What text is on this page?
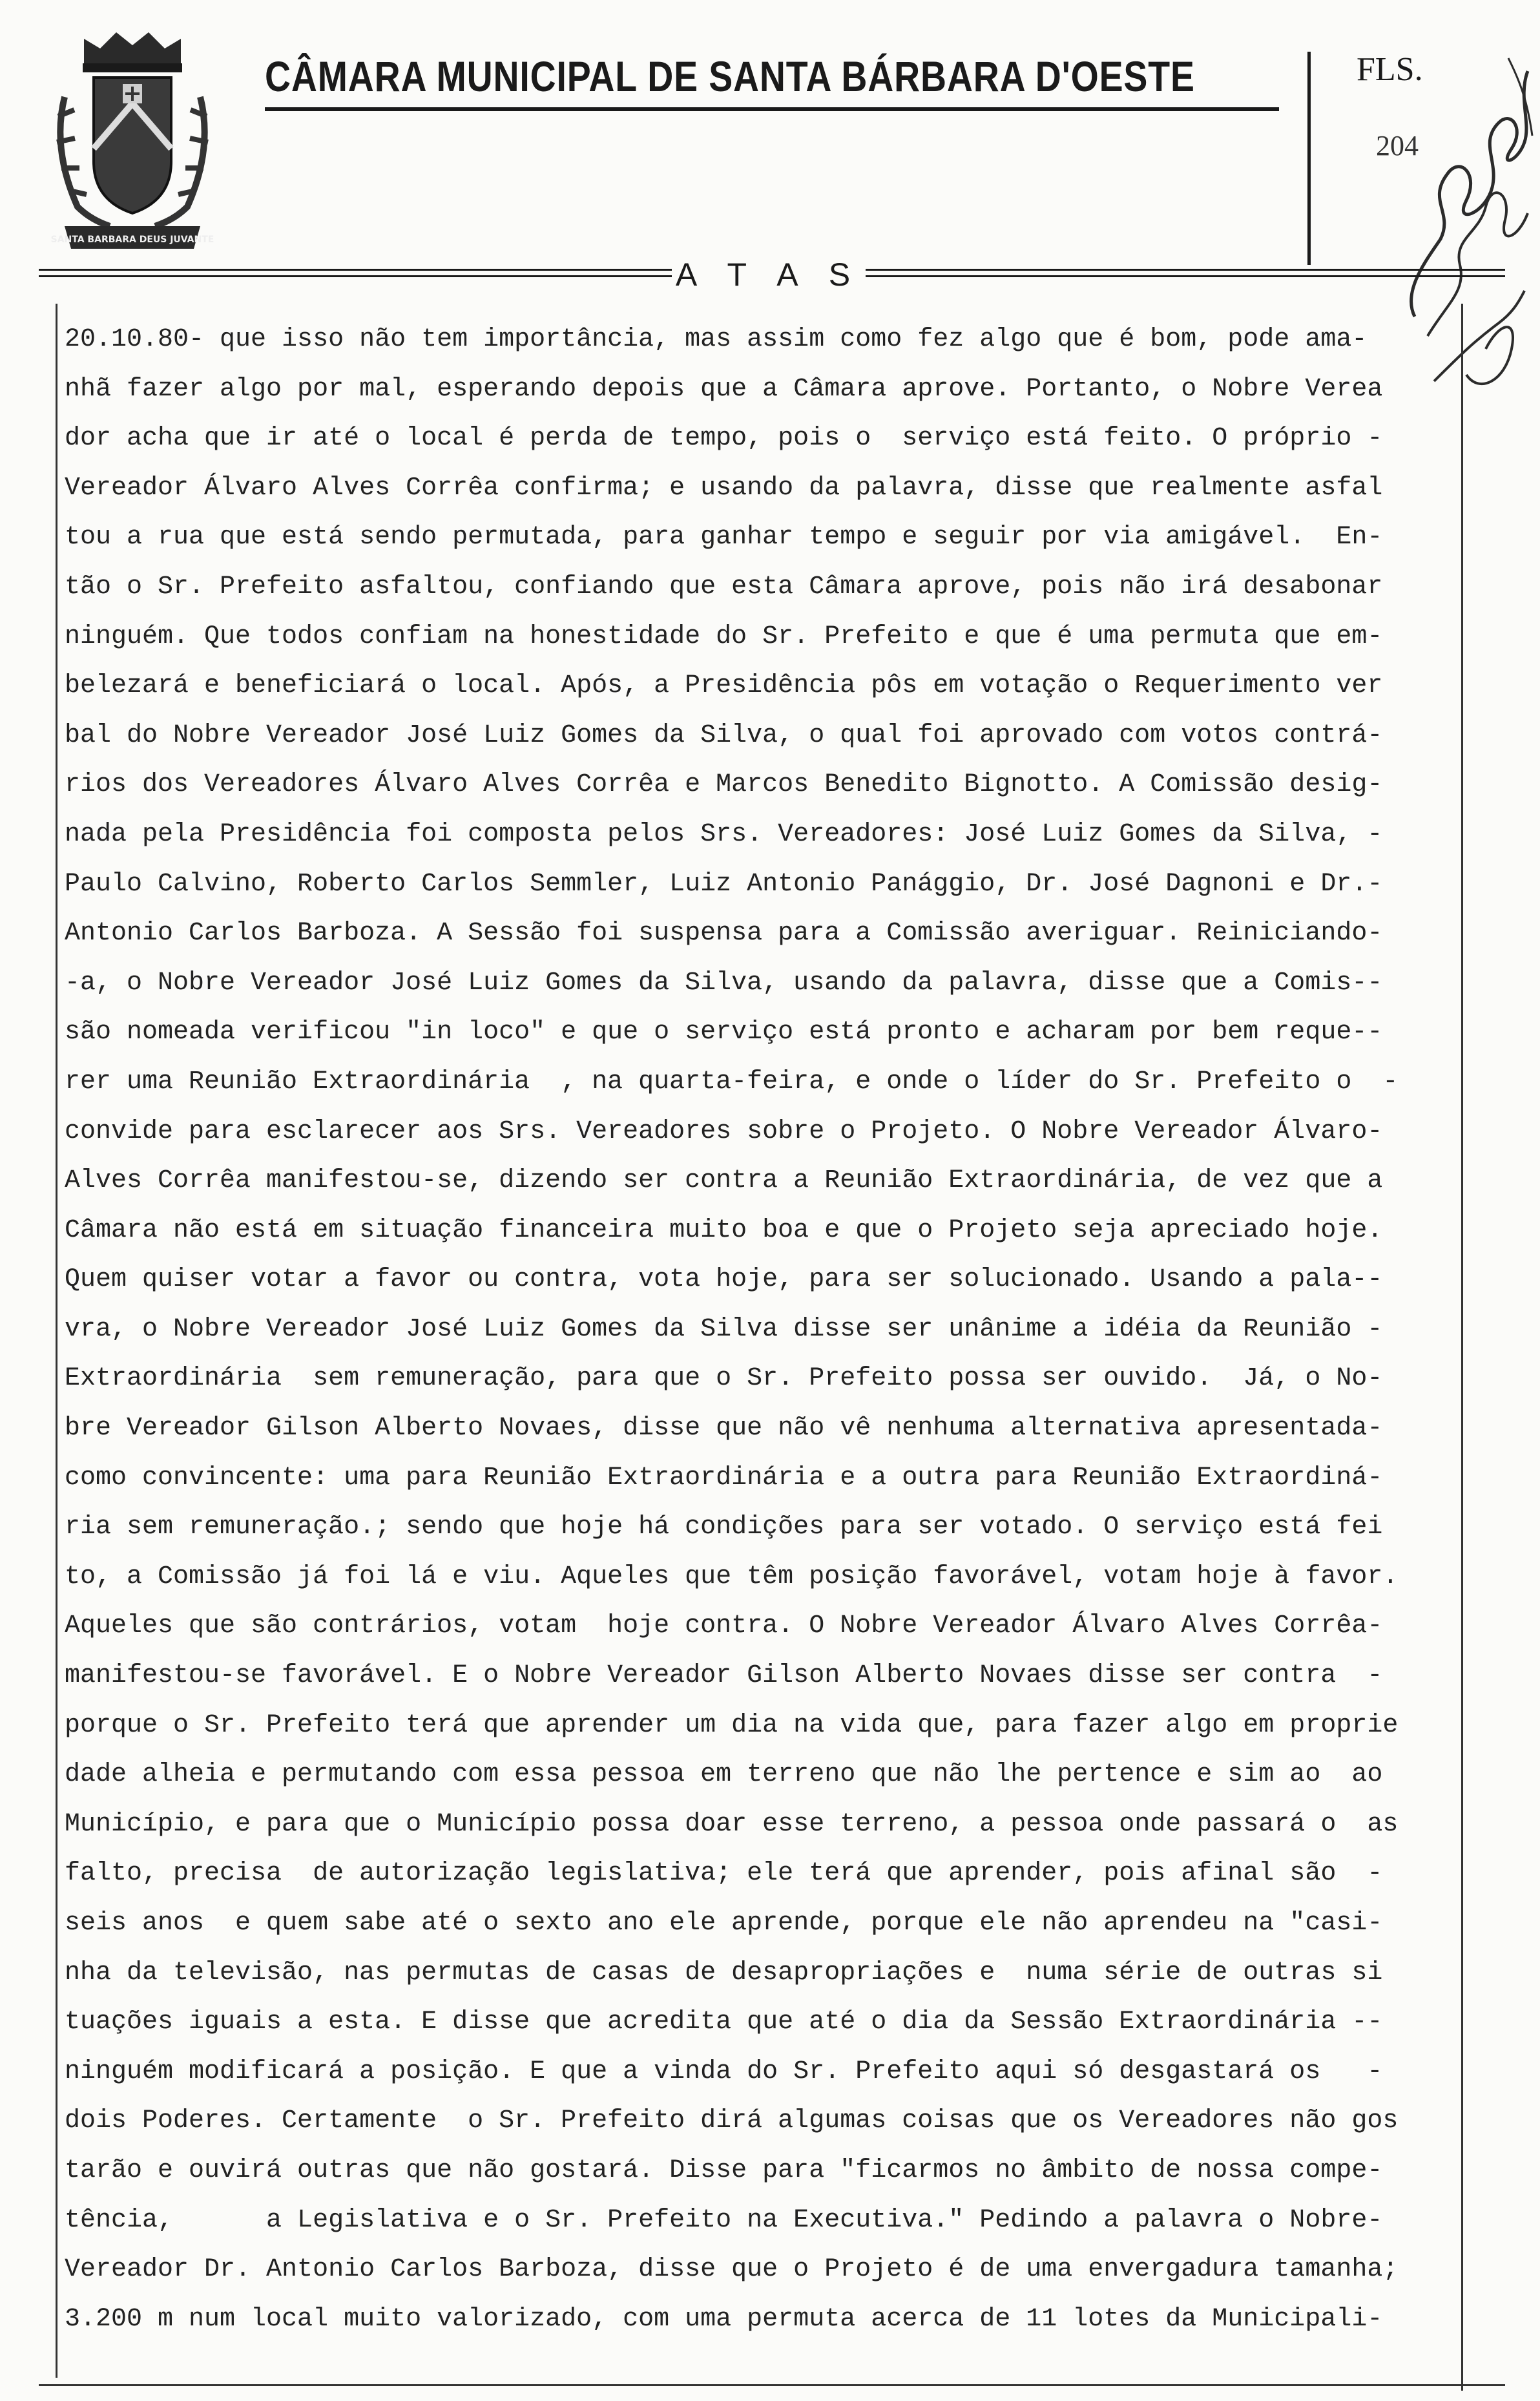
SANTA BARBARA DEUS JUVANTE
CÂMARA MUNICIPAL DE SANTA BÁRBARA D'OESTE	FLS.
204
A T A S
20.10.80- que isso não tem importância, mas assim como fez algo que é bom, pode ama-
nhã fazer algo por mal, esperando depois que a Câmara aprove. Portanto, o Nobre Verea
dor acha que ir até o local é perda de tempo, pois o  serviço está feito. O próprio -
Vereador Álvaro Alves Corrêa confirma; e usando da palavra, disse que realmente asfal
tou a rua que está sendo permutada, para ganhar tempo e seguir por via amigável.  En-
tão o Sr. Prefeito asfaltou, confiando que esta Câmara aprove, pois não irá desabonar
ninguém. Que todos confiam na honestidade do Sr. Prefeito e que é uma permuta que em-
belezará e beneficiará o local. Após, a Presidência pôs em votação o Requerimento ver
bal do Nobre Vereador José Luiz Gomes da Silva, o qual foi aprovado com votos contrá-
rios dos Vereadores Álvaro Alves Corrêa e Marcos Benedito Bignotto. A Comissão desig-
nada pela Presidência foi composta pelos Srs. Vereadores: José Luiz Gomes da Silva, -
Paulo Calvino, Roberto Carlos Semmler, Luiz Antonio Panággio, Dr. José Dagnoni e Dr.-
Antonio Carlos Barboza. A Sessão foi suspensa para a Comissão averiguar. Reiniciando-
-a, o Nobre Vereador José Luiz Gomes da Silva, usando da palavra, disse que a Comis--
são nomeada verificou "in loco" e que o serviço está pronto e acharam por bem reque--
rer uma Reunião Extraordinária  , na quarta-feira, e onde o líder do Sr. Prefeito o  -
convide para esclarecer aos Srs. Vereadores sobre o Projeto. O Nobre Vereador Álvaro-
Alves Corrêa manifestou-se, dizendo ser contra a Reunião Extraordinária, de vez que a
Câmara não está em situação financeira muito boa e que o Projeto seja apreciado hoje.
Quem quiser votar a favor ou contra, vota hoje, para ser solucionado. Usando a pala--
vra, o Nobre Vereador José Luiz Gomes da Silva disse ser unânime a idéia da Reunião -
Extraordinária  sem remuneração, para que o Sr. Prefeito possa ser ouvido.  Já, o No-
bre Vereador Gilson Alberto Novaes, disse que não vê nenhuma alternativa apresentada-
como convincente: uma para Reunião Extraordinária e a outra para Reunião Extraordiná-
ria sem remuneração.; sendo que hoje há condições para ser votado. O serviço está fei
to, a Comissão já foi lá e viu. Aqueles que têm posição favorável, votam hoje à favor.
Aqueles que são contrários, votam  hoje contra. O Nobre Vereador Álvaro Alves Corrêa-
manifestou-se favorável. E o Nobre Vereador Gilson Alberto Novaes disse ser contra  -
porque o Sr. Prefeito terá que aprender um dia na vida que, para fazer algo em proprie
dade alheia e permutando com essa pessoa em terreno que não lhe pertence e sim ao  ao
Município, e para que o Município possa doar esse terreno, a pessoa onde passará o  as
falto, precisa  de autorização legislativa; ele terá que aprender, pois afinal são  -
seis anos  e quem sabe até o sexto ano ele aprende, porque ele não aprendeu na "casi-
nha da televisão, nas permutas de casas de desapropriações e  numa série de outras si
tuações iguais a esta. E disse que acredita que até o dia da Sessão Extraordinária --
ninguém modificará a posição. E que a vinda do Sr. Prefeito aqui só desgastará os   -
dois Poderes. Certamente  o Sr. Prefeito dirá algumas coisas que os Vereadores não gos
tarão e ouvirá outras que não gostará. Disse para "ficarmos no âmbito de nossa compe-
tência,      a Legislativa e o Sr. Prefeito na Executiva." Pedindo a palavra o Nobre-
Vereador Dr. Antonio Carlos Barboza, disse que o Projeto é de uma envergadura tamanha;
3.200 m num local muito valorizado, com uma permuta acerca de 11 lotes da Municipali-
